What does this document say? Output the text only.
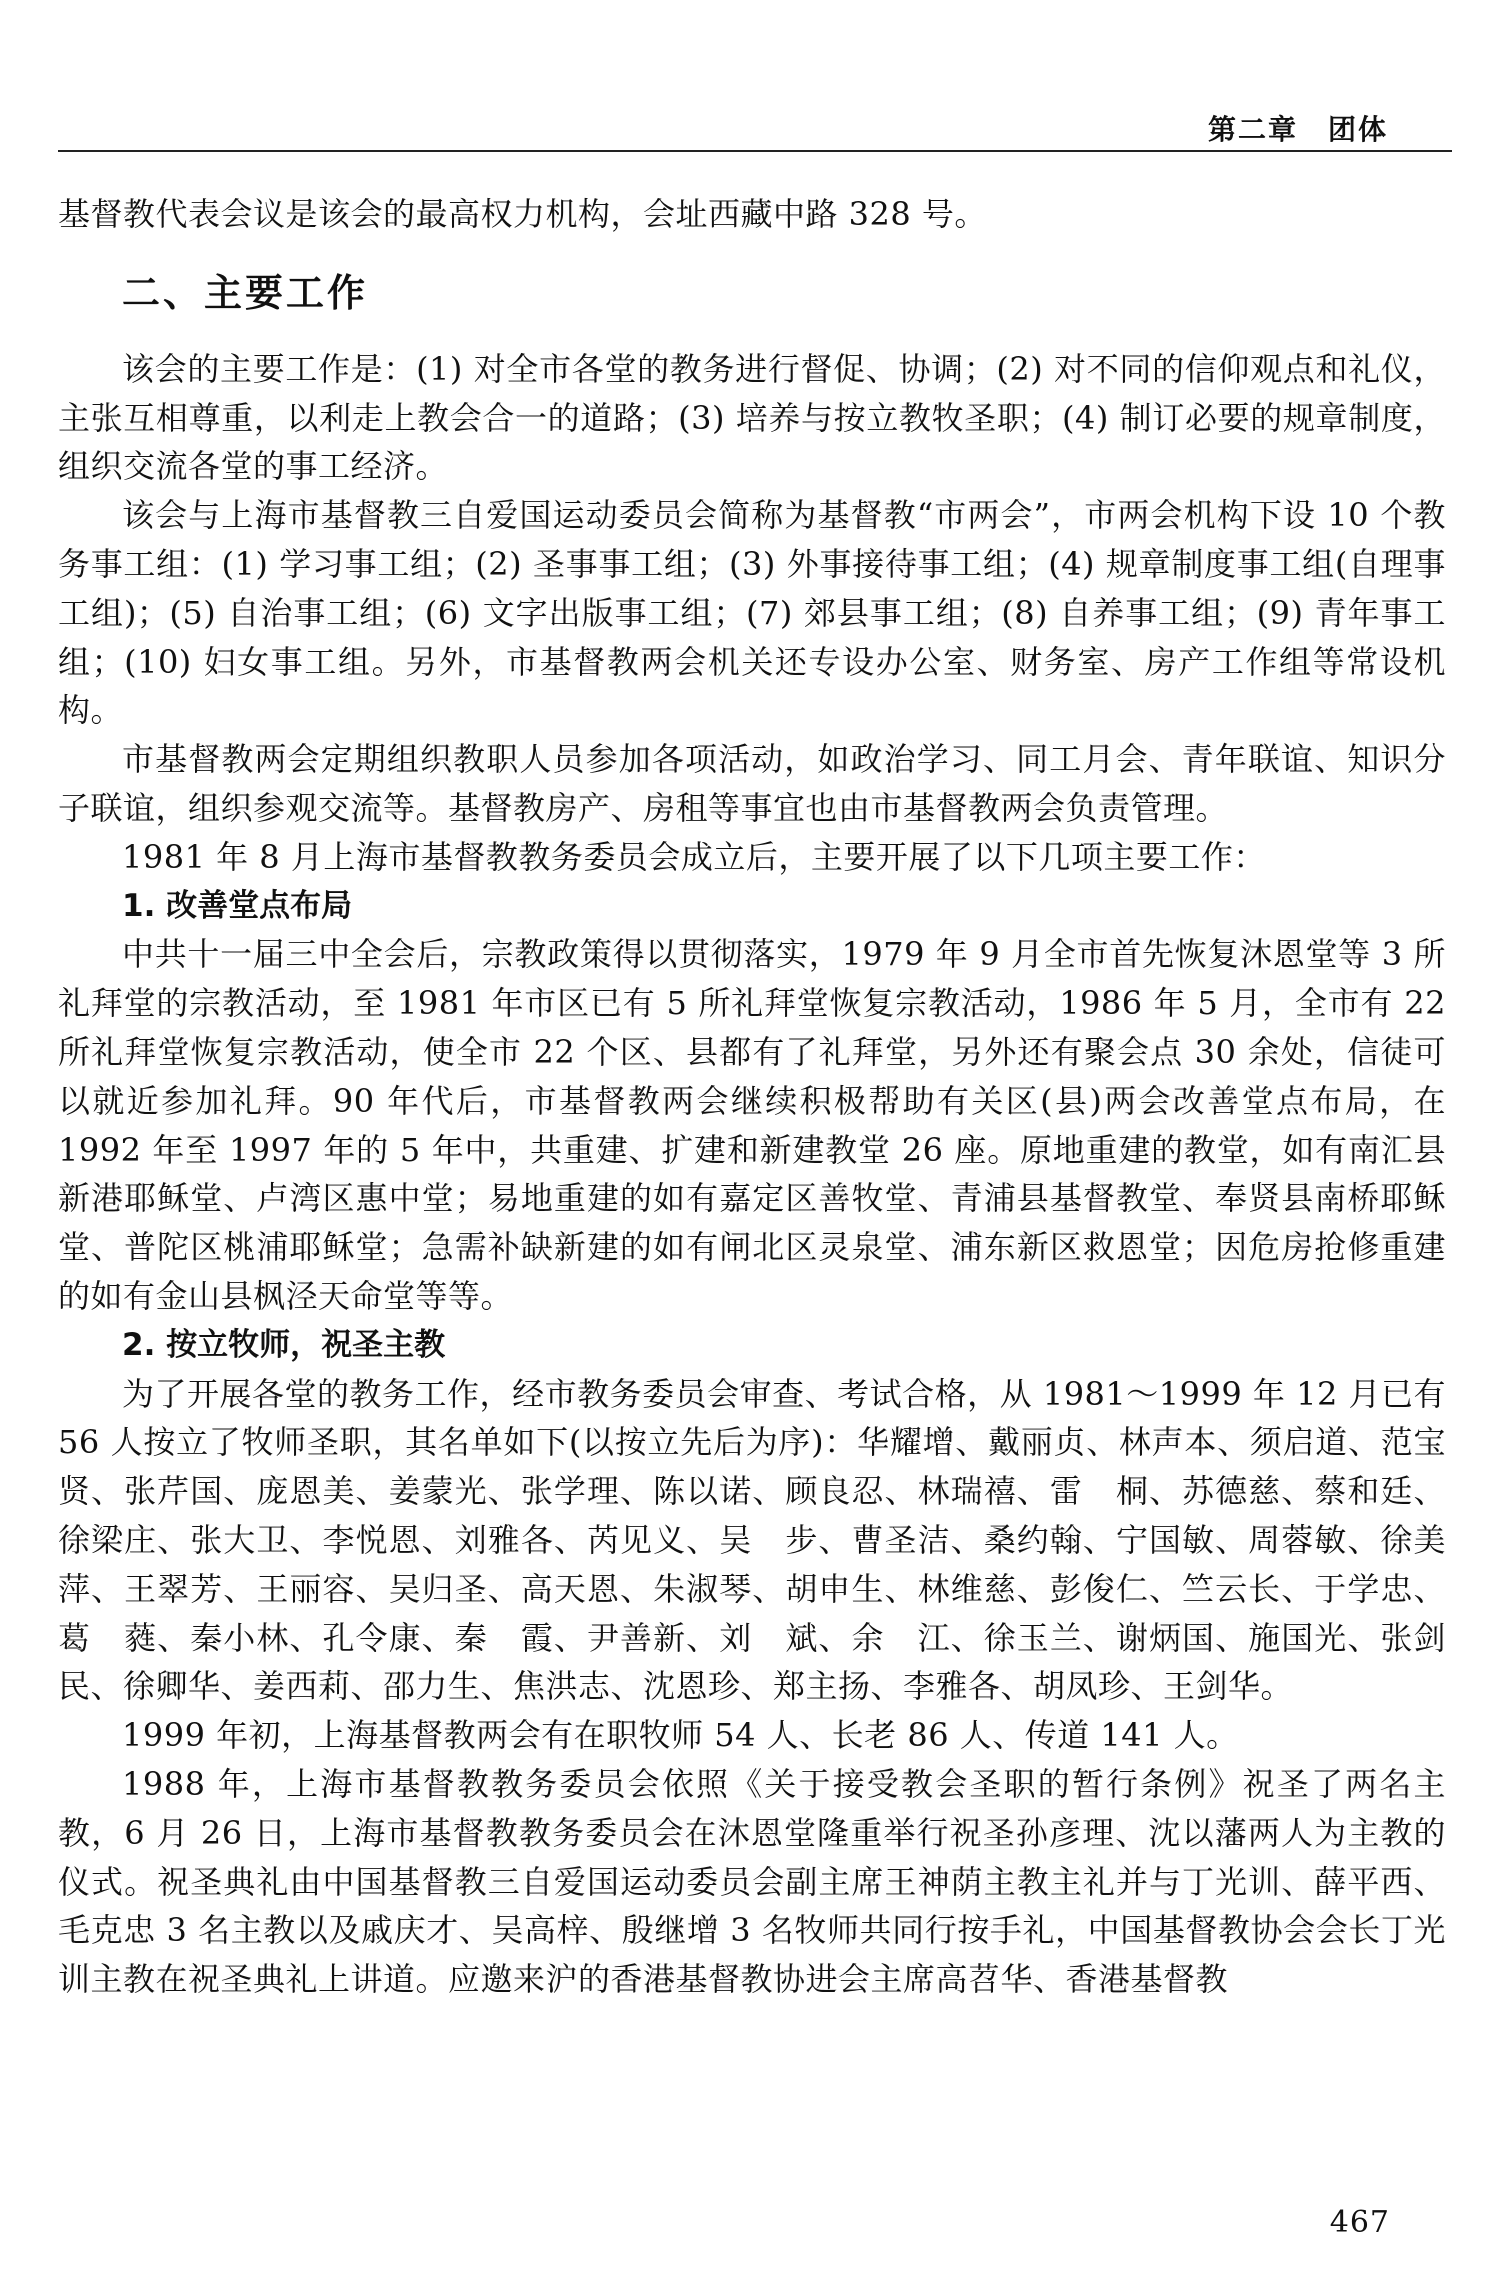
第二章　团体

基督教代表会议是该会的最高权力机构，会址西藏中路 328 号。

二、主要工作

该会的主要工作是：(1) 对全市各堂的教务进行督促、协调；(2) 对不同的信仰观点和礼仪，主张互相尊重，以利走上教会合一的道路；(3) 培养与按立教牧圣职；(4) 制订必要的规章制度，组织交流各堂的事工经济。

该会与上海市基督教三自爱国运动委员会简称为基督教“市两会”，市两会机构下设 10 个教务事工组：(1) 学习事工组；(2) 圣事事工组；(3) 外事接待事工组；(4) 规章制度事工组(自理事工组)；(5) 自治事工组；(6) 文字出版事工组；(7) 郊县事工组；(8) 自养事工组；(9) 青年事工组；(10) 妇女事工组。另外，市基督教两会机关还专设办公室、财务室、房产工作组等常设机构。

市基督教两会定期组织教职人员参加各项活动，如政治学习、同工月会、青年联谊、知识分子联谊，组织参观交流等。基督教房产、房租等事宜也由市基督教两会负责管理。

1981 年 8 月上海市基督教教务委员会成立后，主要开展了以下几项主要工作：

1. 改善堂点布局

中共十一届三中全会后，宗教政策得以贯彻落实，1979 年 9 月全市首先恢复沐恩堂等 3 所礼拜堂的宗教活动，至 1981 年市区已有 5 所礼拜堂恢复宗教活动，1986 年 5 月，全市有 22 所礼拜堂恢复宗教活动，使全市 22 个区、县都有了礼拜堂，另外还有聚会点 30 余处，信徒可以就近参加礼拜。90 年代后，市基督教两会继续积极帮助有关区(县)两会改善堂点布局，在 1992 年至 1997 年的 5 年中，共重建、扩建和新建教堂 26 座。原地重建的教堂，如有南汇县新港耶稣堂、卢湾区惠中堂；易地重建的如有嘉定区善牧堂、青浦县基督教堂、奉贤县南桥耶稣堂、普陀区桃浦耶稣堂；急需补缺新建的如有闸北区灵泉堂、浦东新区救恩堂；因危房抢修重建的如有金山县枫泾天命堂等等。

2. 按立牧师，祝圣主教

为了开展各堂的教务工作，经市教务委员会审查、考试合格，从 1981～1999 年 12 月已有 56 人按立了牧师圣职，其名单如下(以按立先后为序)：华耀增、戴丽贞、林声本、须启道、范宝贤、张芹国、庞恩美、姜蒙光、张学理、陈以诺、顾良忍、林瑞禧、雷　桐、苏德慈、蔡和廷、徐梁庄、张大卫、李悦恩、刘雅各、芮见义、吴　步、曹圣洁、桑约翰、宁国敏、周蓉敏、徐美萍、王翠芳、王丽容、吴归圣、高天恩、朱淑琴、胡申生、林维慈、彭俊仁、竺云长、于学忠、葛　蕤、秦小林、孔令康、秦　霞、尹善新、刘　斌、余　江、徐玉兰、谢炳国、施国光、张剑民、徐卿华、姜西莉、邵力生、焦洪志、沈恩珍、郑主扬、李雅各、胡凤珍、王剑华。

1999 年初，上海基督教两会有在职牧师 54 人、长老 86 人、传道 141 人。

1988 年，上海市基督教教务委员会依照《关于接受教会圣职的暂行条例》祝圣了两名主教，6 月 26 日，上海市基督教教务委员会在沐恩堂隆重举行祝圣孙彦理、沈以藩两人为主教的仪式。祝圣典礼由中国基督教三自爱国运动委员会副主席王神荫主教主礼并与丁光训、薛平西、毛克忠 3 名主教以及戚庆才、吴高梓、殷继增 3 名牧师共同行按手礼，中国基督教协会会长丁光训主教在祝圣典礼上讲道。应邀来沪的香港基督教协进会主席高苕华、香港基督教

467
